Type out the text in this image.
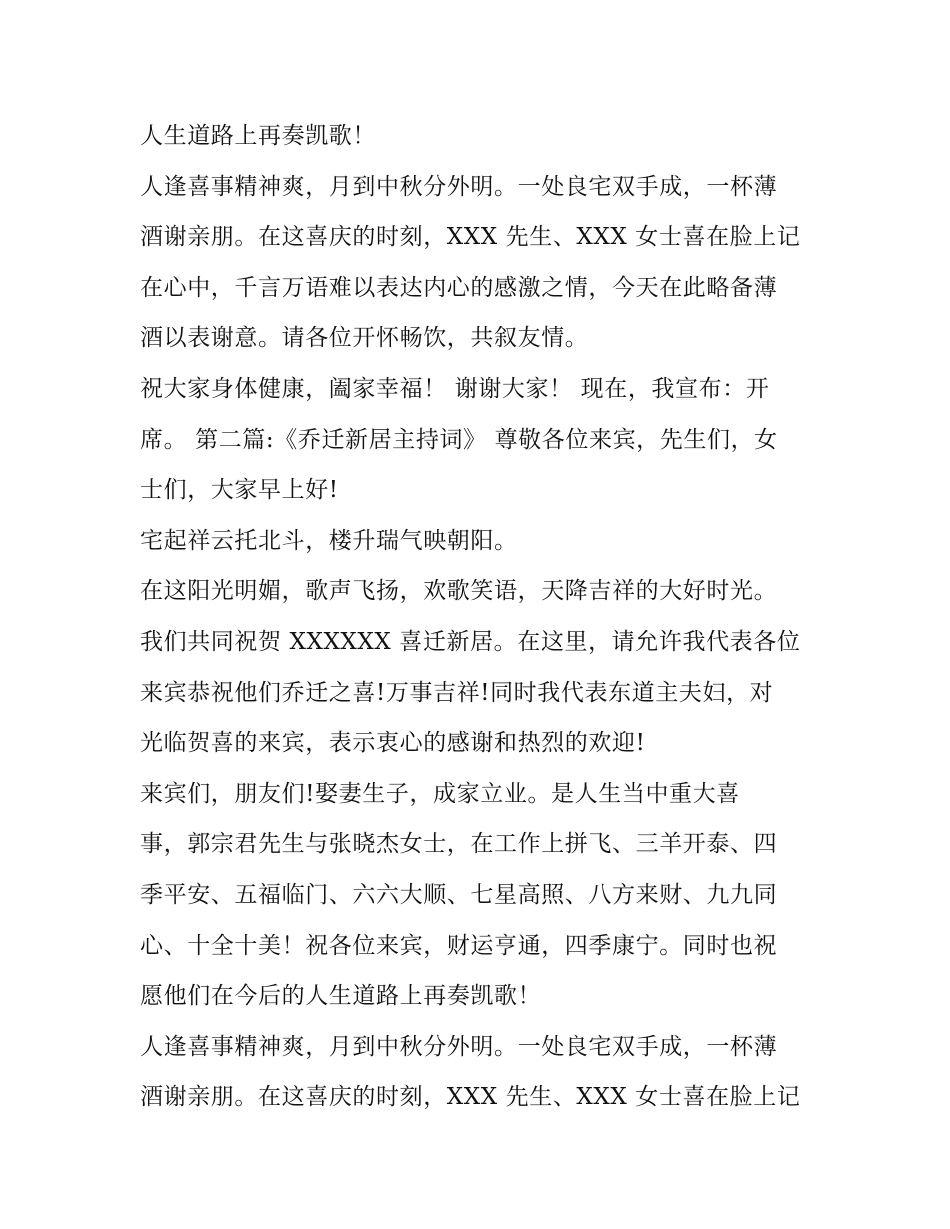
人生道路上再奏凯歌！
人逢喜事精神爽，月到中秋分外明。一处良宅双手成，一杯薄
酒谢亲朋。在这喜庆的时刻，XXX 先生、XXX 女士喜在脸上记
在心中，千言万语难以表达内心的感激之情，今天在此略备薄
酒以表谢意。请各位开怀畅饮，共叙友情。
祝大家身体健康，阖家幸福！ 谢谢大家！ 现在，我宣布：开
席。 第二篇:《乔迁新居主持词》 尊敬各位来宾，先生们，女
士们，大家早上好!
宅起祥云托北斗，楼升瑞气映朝阳。
在这阳光明媚，歌声飞扬，欢歌笑语，天降吉祥的大好时光。
我们共同祝贺 XXXXXX 喜迁新居。在这里，请允许我代表各位
来宾恭祝他们乔迁之喜!万事吉祥!同时我代表东道主夫妇，对
光临贺喜的来宾，表示衷心的感谢和热烈的欢迎!
来宾们，朋友们!娶妻生子，成家立业。是人生当中重大喜
事，郭宗君先生与张晓杰女士，在工作上拼飞、三羊开泰、四
季平安、五福临门、六六大顺、七星高照、八方来财、九九同
心、十全十美！祝各位来宾，财运亨通，四季康宁。同时也祝
愿他们在今后的人生道路上再奏凯歌！
人逢喜事精神爽，月到中秋分外明。一处良宅双手成，一杯薄
酒谢亲朋。在这喜庆的时刻，XXX 先生、XXX 女士喜在脸上记
